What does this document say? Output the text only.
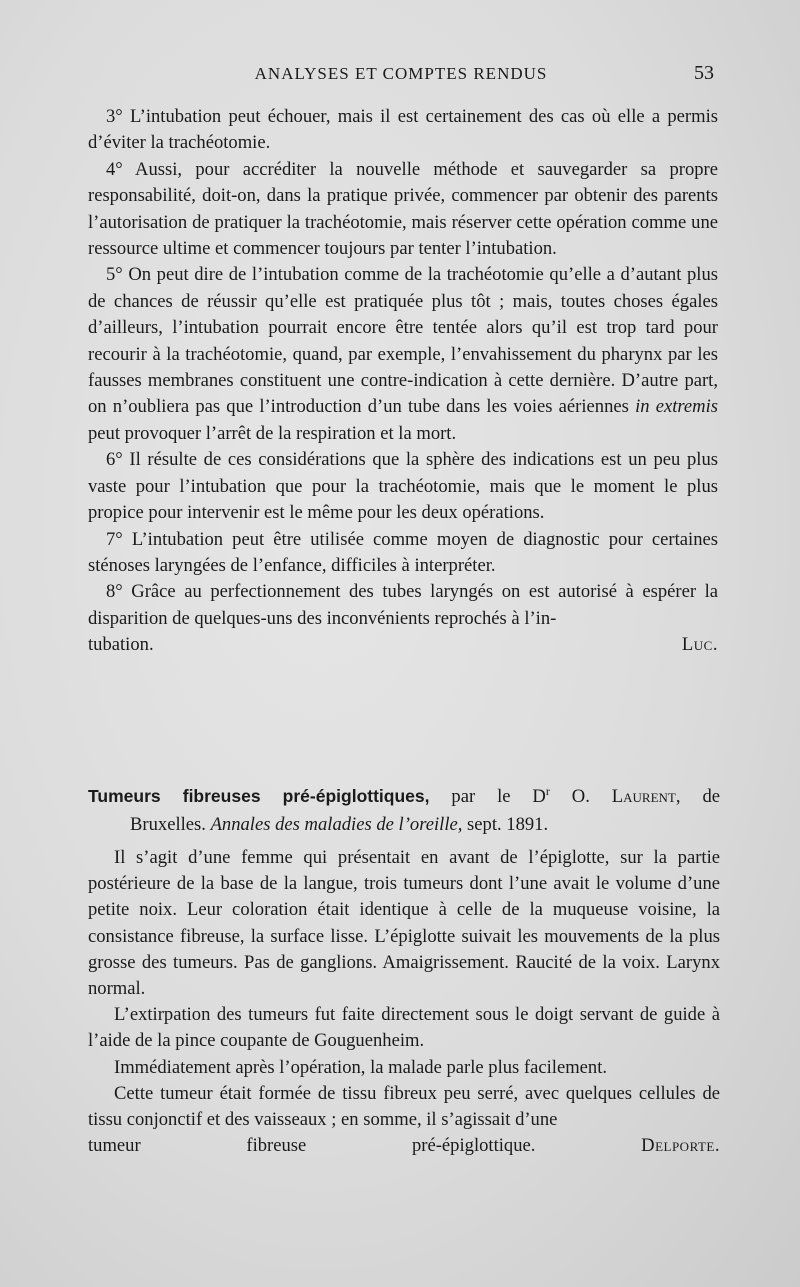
ANALYSES ET COMPTES RENDUS	53

3° L’intubation peut échouer, mais il est certainement des cas où elle a permis d’éviter la trachéotomie.

4° Aussi, pour accréditer la nouvelle méthode et sauvegarder sa propre responsabilité, doit-on, dans la pratique privée, commencer par obtenir des parents l’autorisation de pratiquer la trachéotomie, mais réserver cette opération comme une ressource ultime et commencer toujours par tenter l’intubation.

5° On peut dire de l’intubation comme de la trachéotomie qu’elle a d’autant plus de chances de réussir qu’elle est pratiquée plus tôt ; mais, toutes choses égales d’ailleurs, l’intubation pourrait encore être tentée alors qu’il est trop tard pour recourir à la trachéotomie, quand, par exemple, l’envahissement du pharynx par les fausses membranes constituent une contre-indication à cette dernière. D’autre part, on n’oubliera pas que l’introduction d’un tube dans les voies aériennes in extremis peut provoquer l’arrêt de la respiration et la mort.

6° Il résulte de ces considérations que la sphère des indications est un peu plus vaste pour l’intubation que pour la trachéotomie, mais que le moment le plus propice pour intervenir est le même pour les deux opérations.

7° L’intubation peut être utilisée comme moyen de diagnostic pour certaines sténoses laryngées de l’enfance, difficiles à interpréter.

8° Grâce au perfectionnement des tubes laryngés on est autorisé à espérer la disparition de quelques-uns des inconvénients reprochés à l’in-

tubation.	Luc.
Tumeurs fibreuses pré-épiglottiques, par le $D^r$ O. Laurent, de
Bruxelles. Annales des maladies de l’oreille, sept. 1891.

Il s’agit d’une femme qui présentait en avant de l’épiglotte, sur la partie postérieure de la base de la langue, trois tumeurs dont l’une avait le volume d’une petite noix. Leur coloration était identique à celle de la muqueuse voisine, la consistance fibreuse, la surface lisse. L’épiglotte suivait les mouvements de la plus grosse des tumeurs. Pas de ganglions. Amaigrissement. Raucité de la voix. Larynx normal.

L’extirpation des tumeurs fut faite directement sous le doigt servant de guide à l’aide de la pince coupante de Gouguenheim.

Immédiatement après l’opération, la malade parle plus facilement.

Cette tumeur était formée de tissu fibreux peu serré, avec quelques cellules de tissu conjonctif et des vaisseaux ; en somme, il s’agissait d’une

tumeur fibreuse pré-épiglottique.	Delporte.
